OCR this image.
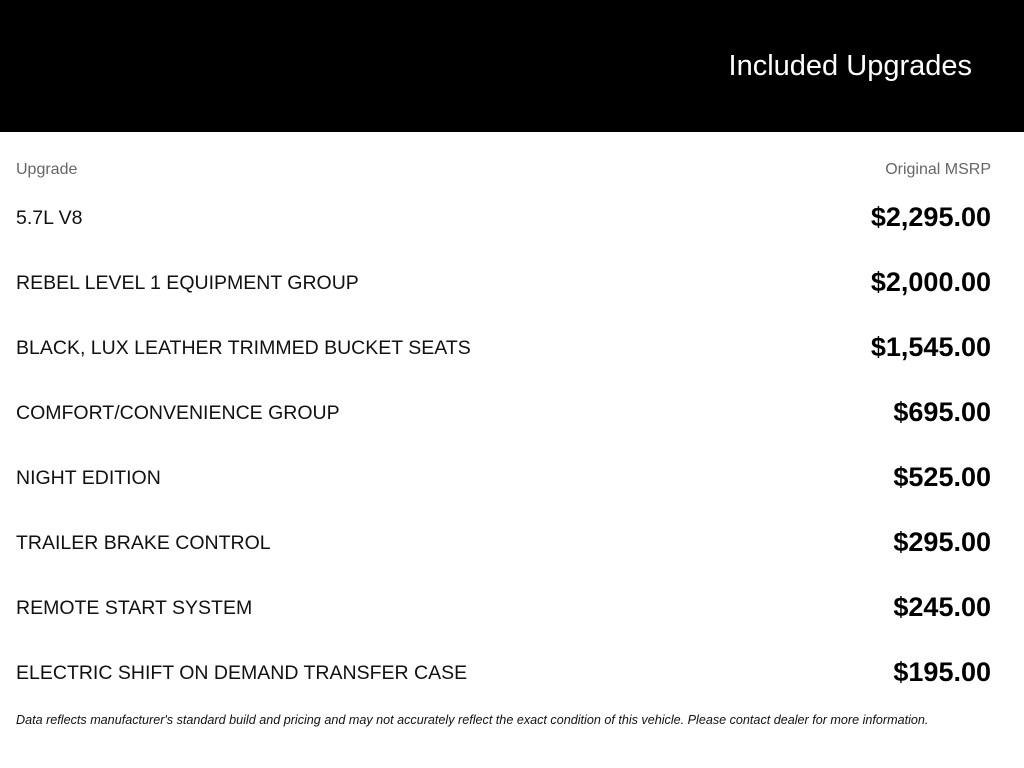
Included Upgrades
Upgrade	Original MSRP
5.7L V8	$2,295.00
REBEL LEVEL 1 EQUIPMENT GROUP	$2,000.00
BLACK, LUX LEATHER TRIMMED BUCKET SEATS	$1,545.00
COMFORT/CONVENIENCE GROUP	$695.00
NIGHT EDITION	$525.00
TRAILER BRAKE CONTROL	$295.00
REMOTE START SYSTEM	$245.00
ELECTRIC SHIFT ON DEMAND TRANSFER CASE	$195.00
Data reflects manufacturer's standard build and pricing and may not accurately reflect the exact condition of this vehicle. Please contact dealer for more information.
